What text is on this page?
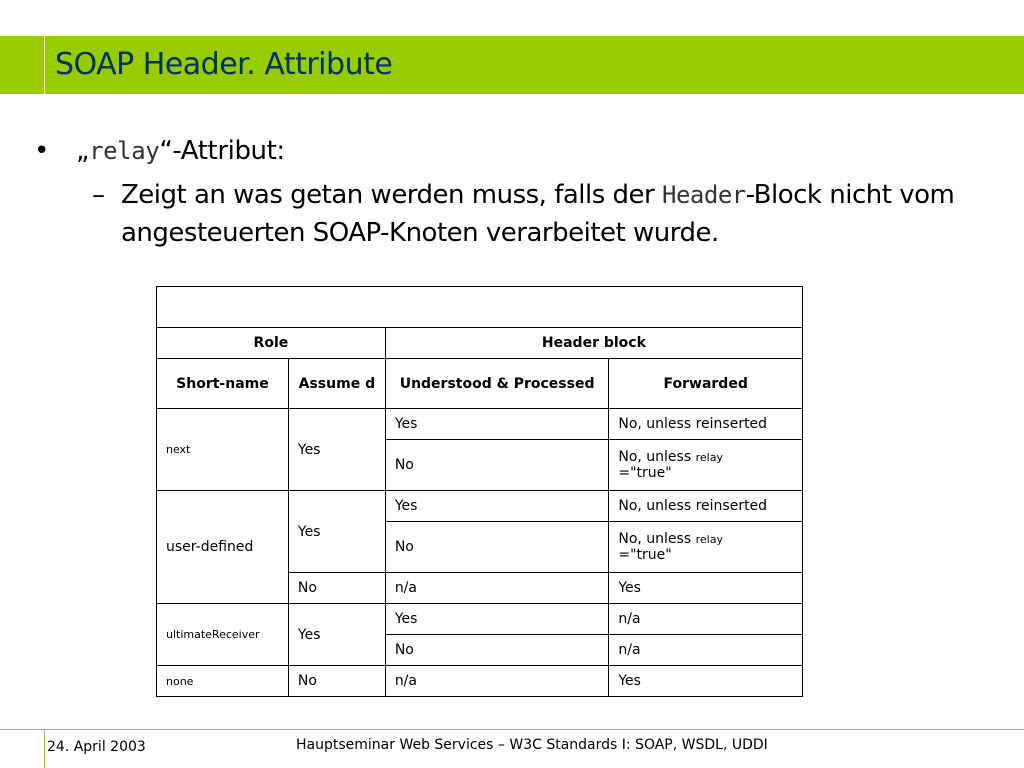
SOAP Header. Attribute
• „relay“-Attribut:
– Zeigt an was getan werden muss, falls der Header-Block nicht vom angesteuerten SOAP-Knoten verarbeitet wurde.

Role		Header block	
Short-name	Assume d	Understood & Processed	Forwarded
next	Yes	Yes	No, unless reinserted
		No	No, unless relay
="true"
user-defined	Yes	Yes	No, unless reinserted
		No	No, unless relay
="true"
	No	n/a	Yes
ultimateReceiver	Yes	Yes	n/a
		No	n/a
none	No	n/a	Yes
24. April 2003	Hauptseminar Web Services – W3C Standards I: SOAP, WSDL, UDDI
